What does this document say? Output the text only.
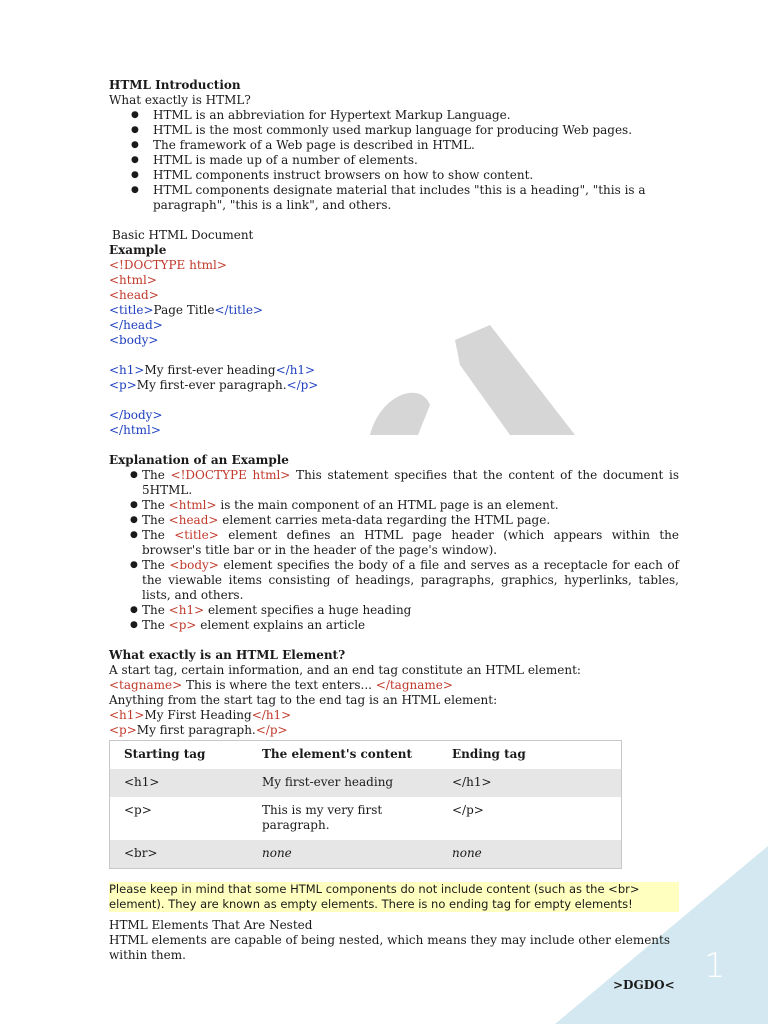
HTML Introduction
What exactly is HTML?
● HTML is an abbreviation for Hypertext Markup Language.
● HTML is the most commonly used markup language for producing Web pages.
● The framework of a Web page is described in HTML.
● HTML is made up of a number of elements.
● HTML components instruct browsers on how to show content.
● HTML components designate material that includes "this is a heading", "this is a paragraph", "this is a link", and others.
Basic HTML Document
Example
<!DOCTYPE html>
<html>
<head>
<title>Page Title</title>
</head>
<body>
<h1>My first-ever heading</h1>
<p>My first-ever paragraph.</p>
</body>
</html>
Explanation of an Example
● The <!DOCTYPE html> This statement specifies that the content of the document is 5HTML.
● The <html> is the main component of an HTML page is an element.
● The <head> element carries meta-data regarding the HTML page.
● The <title> element defines an HTML page header (which appears within the browser's title bar or in the header of the page's window).
● The <body> element specifies the body of a file and serves as a receptacle for each of the viewable items consisting of headings, paragraphs, graphics, hyperlinks, tables, lists, and others.
● The <h1> element specifies a huge heading
● The <p> element explains an article
What exactly is an HTML Element?
A start tag, certain information, and an end tag constitute an HTML element:
<tagname> This is where the text enters... </tagname>
Anything from the start tag to the end tag is an HTML element:
<h1>My First Heading</h1>
<p>My first paragraph.</p>
Starting tag	The element's content	Ending tag
<h1>	My first-ever heading	</h1>
<p>	This is my very first paragraph.	</p>
<br>	none	none
Please keep in mind that some HTML components do not include content (such as the <br> element). They are known as empty elements. There is no ending tag for empty elements!
HTML Elements That Are Nested
HTML elements are capable of being nested, which means they may include other elements within them.	1
>DGDO<
